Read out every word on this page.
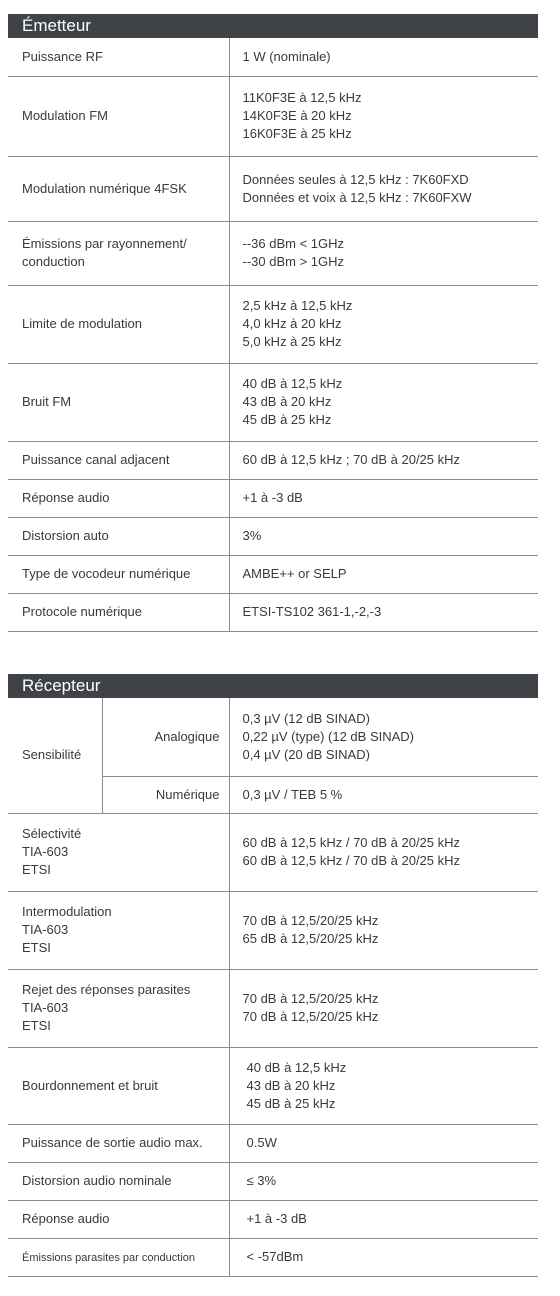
Émetteur
Puissance RF	1 W (nominale)

Modulation FM	11K0F3E à 12,5 kHz
14K0F3E à 20 kHz
16K0F3E à 25 kHz

Modulation numérique 4FSK	Données seules à 12,5 kHz : 7K60FXD
Données et voix à 12,5 kHz : 7K60FXW

Émissions par rayonnement/
conduction	--36 dBm < 1GHz
--30 dBm > 1GHz

Limite de modulation	2,5 kHz à 12,5 kHz
4,0 kHz à 20 kHz
5,0 kHz à 25 kHz

Bruit FM	40 dB à 12,5 kHz
43 dB à 20 kHz
45 dB à 25 kHz

Puissance canal adjacent	60 dB à 12,5 kHz ; 70 dB à 20/25 kHz

Réponse audio	+1 à -3 dB

Distorsion auto	3%

Type de vocodeur numérique	AMBE++ or SELP

Protocole numérique	ETSI-TS102 361-1,-2,-3
Récepteur
Sensibilité	Analogique	0,3 µV (12 dB SINAD)
0,22 µV (type) (12 dB SINAD)
0,4 µV (20 dB SINAD)

	Numérique	0,3 µV / TEB 5 %

Sélectivité
TIA-603
ETSI		60 dB à 12,5 kHz / 70 dB à 20/25 kHz
60 dB à 12,5 kHz / 70 dB à 20/25 kHz

Intermodulation
TIA-603
ETSI		70 dB à 12,5/20/25 kHz
65 dB à 12,5/20/25 kHz

Rejet des réponses parasites
TIA-603
ETSI		70 dB à 12,5/20/25 kHz
70 dB à 12,5/20/25 kHz

Bourdonnement et bruit		40 dB à 12,5 kHz
43 dB à 20 kHz
45 dB à 25 kHz

Puissance de sortie audio max.		0.5W

Distorsion audio nominale		≤ 3%

Réponse audio		+1 à -3 dB

Émissions parasites par conduction		< -57dBm
